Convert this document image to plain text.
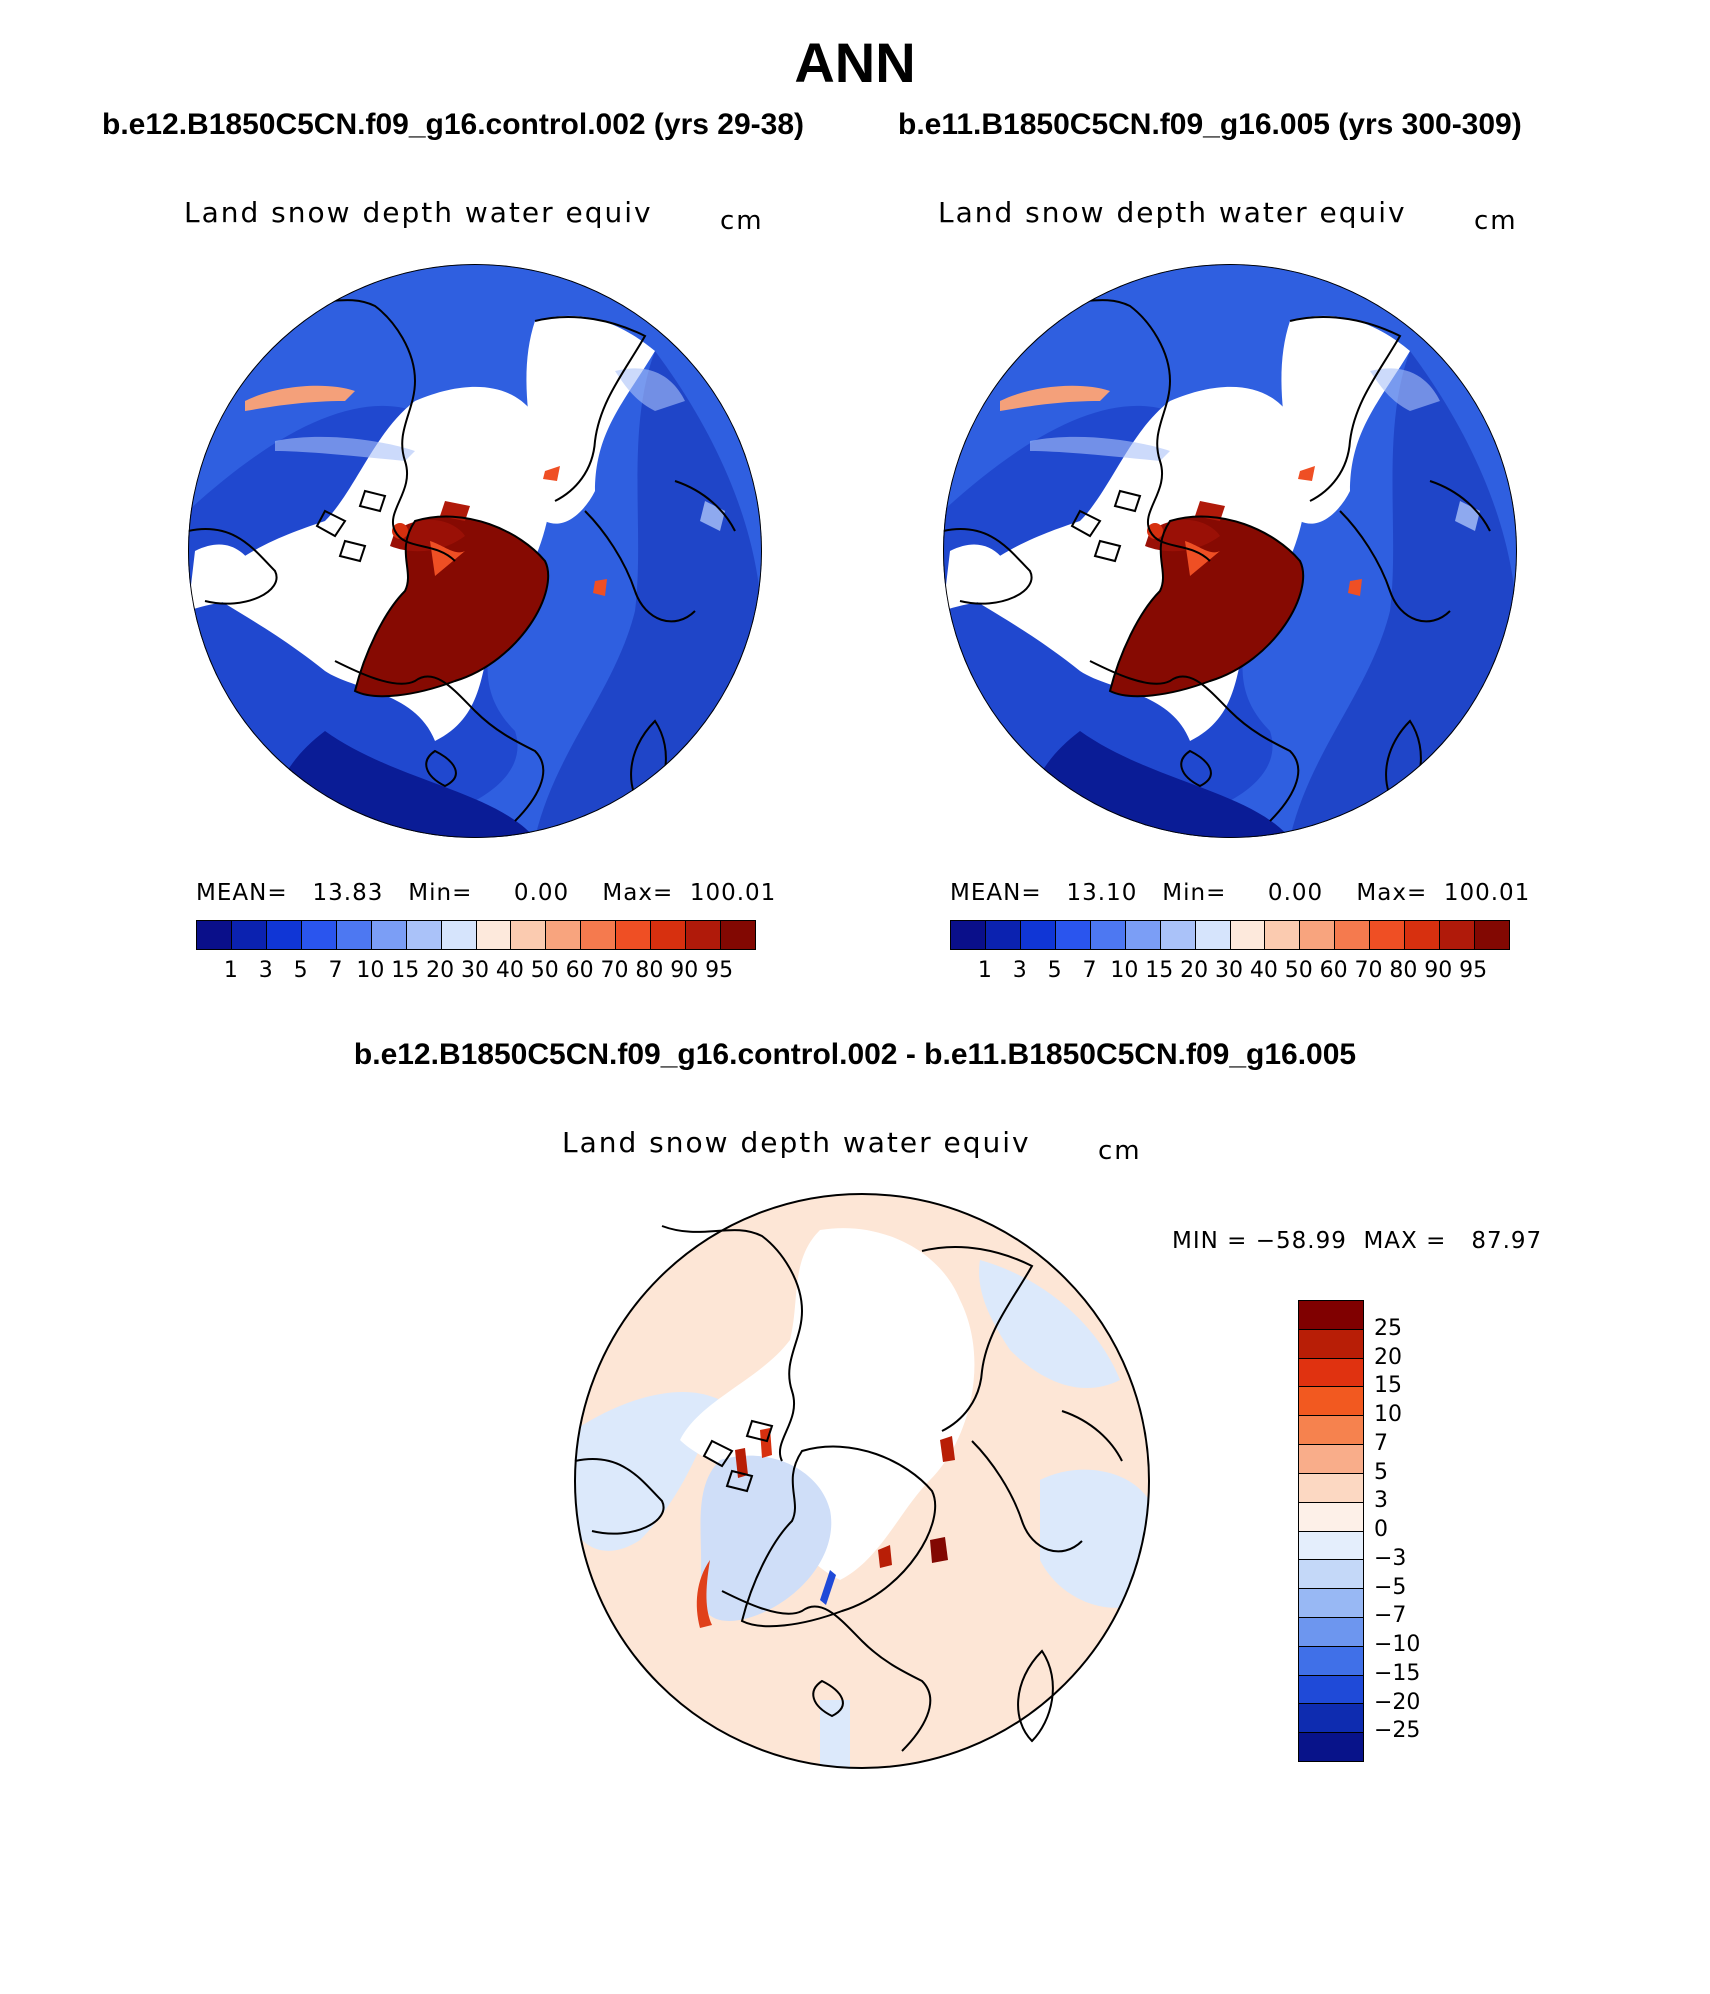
ANN
b.e12.B1850C5CN.f09_g16.control.002 (yrs 29-38)	b.e11.B1850C5CN.f09_g16.005 (yrs 300-309)
Land snow depth water equiv	cm	Land snow depth water equiv	cm
MEAN=   13.83   Min=     0.00    Max=  100.01
1 3 5 7 10 15 20 30 40 50 60 70 80 90 95
MEAN=   13.10   Min=     0.00    Max=  100.01
1 3 5 7 10 15 20 30 40 50 60 70 80 90 95
b.e12.B1850C5CN.f09_g16.control.002 - b.e11.B1850C5CN.f09_g16.005
Land snow depth water equiv	cm
MIN = −58.99  MAX =   87.97
25
20
15
10
7
5
3
0
−3
−5
−7
−10
−15
−20
−25
